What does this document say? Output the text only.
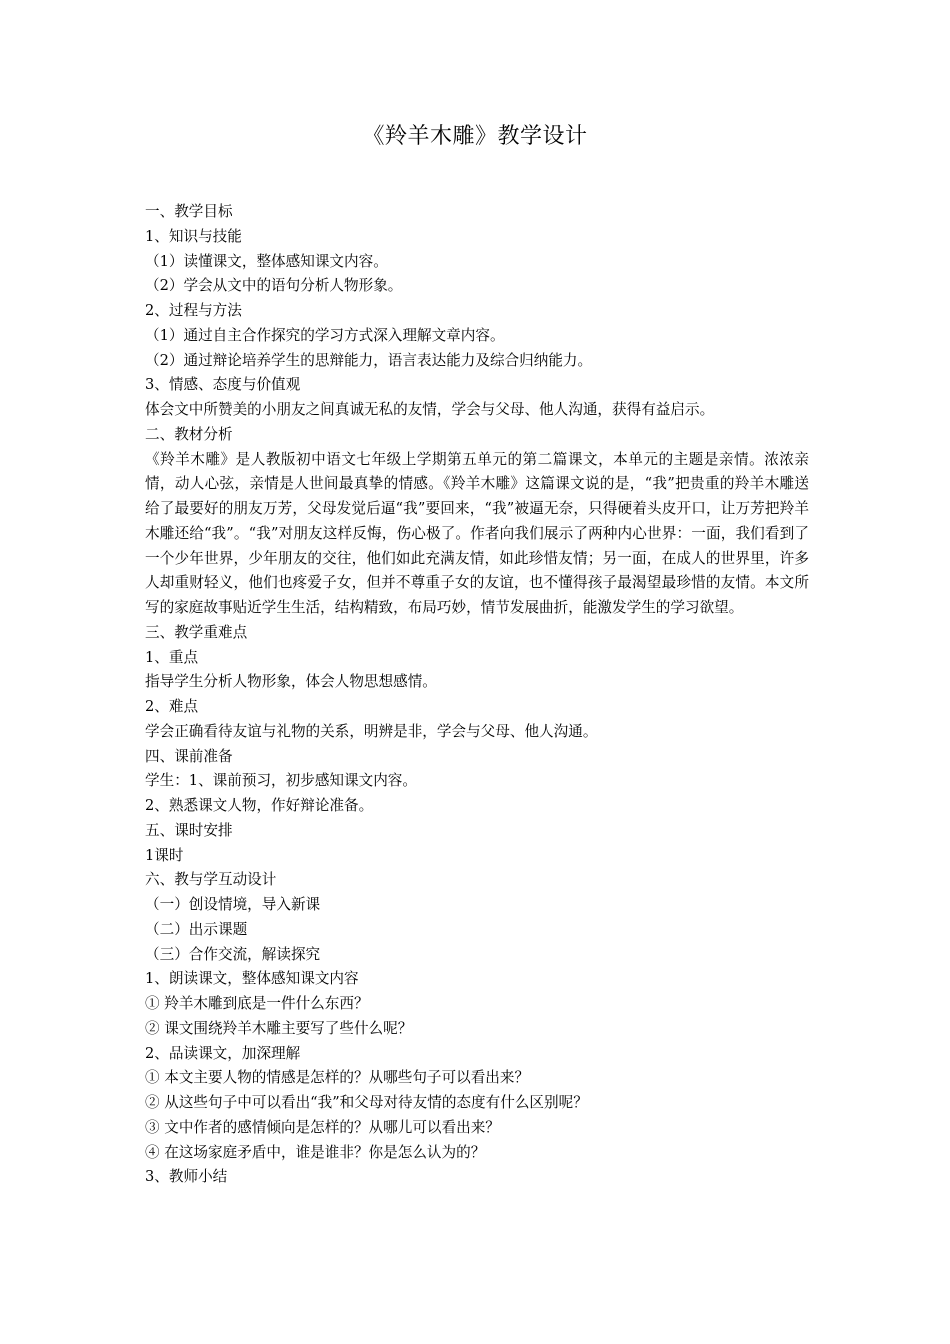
《羚羊木雕》教学设计

一、教学目标

1、知识与技能

（1）读懂课文，整体感知课文内容。

（2）学会从文中的语句分析人物形象。

2、过程与方法

（1）通过自主合作探究的学习方式深入理解文章内容。

（2）通过辩论培养学生的思辩能力，语言表达能力及综合归纳能力。

3、情感、态度与价值观

体会文中所赞美的小朋友之间真诚无私的友情，学会与父母、他人沟通，获得有益启示。

二、教材分析

《羚羊木雕》是人教版初中语文七年级上学期第五单元的第二篇课文，本单元的主题是亲情。浓浓亲情，动人心弦，亲情是人世间最真挚的情感。《羚羊木雕》这篇课文说的是，“我”把贵重的羚羊木雕送给了最要好的朋友万芳，父母发觉后逼“我”要回来，“我”被逼无奈，只得硬着头皮开口，让万芳把羚羊木雕还给“我”。“我”对朋友这样反悔，伤心极了。作者向我们展示了两种内心世界：一面，我们看到了一个少年世界，少年朋友的交往，他们如此充满友情，如此珍惜友情；另一面，在成人的世界里，许多人却重财轻义，他们也疼爱子女，但并不尊重子女的友谊，也不懂得孩子最渴望最珍惜的友情。本文所写的家庭故事贴近学生生活，结构精致，布局巧妙，情节发展曲折，能激发学生的学习欲望。

三、教学重难点

1、重点

指导学生分析人物形象，体会人物思想感情。

2、难点

学会正确看待友谊与礼物的关系，明辨是非，学会与父母、他人沟通。

四、课前准备

学生：1、课前预习，初步感知课文内容。

2、熟悉课文人物，作好辩论准备。

五、课时安排

1课时

六、教与学互动设计

（一）创设情境，导入新课

（二）出示课题

（三）合作交流，解读探究

1、朗读课文，整体感知课文内容

① 羚羊木雕到底是一件什么东西？

② 课文围绕羚羊木雕主要写了些什么呢？

2、品读课文，加深理解

① 本文主要人物的情感是怎样的？从哪些句子可以看出来？

② 从这些句子中可以看出“我”和父母对待友情的态度有什么区别呢？

③ 文中作者的感情倾向是怎样的？从哪儿可以看出来？

④ 在这场家庭矛盾中，谁是谁非？你是怎么认为的？

3、教师小结
